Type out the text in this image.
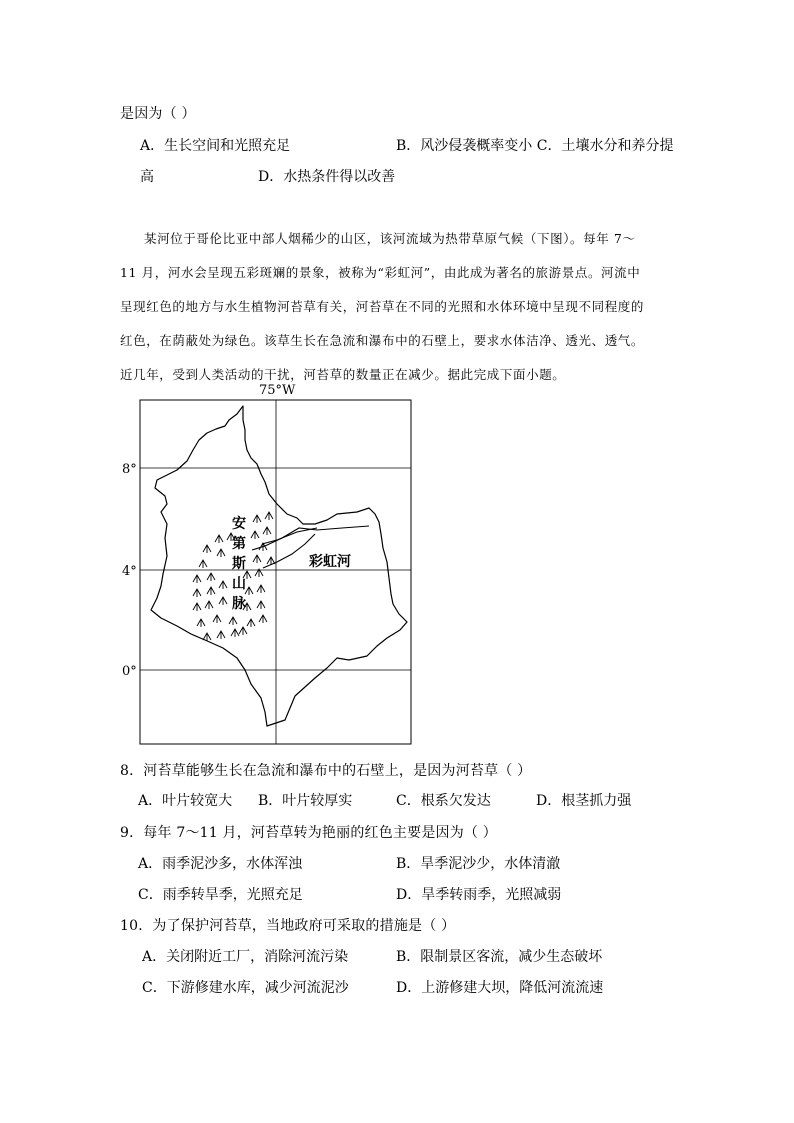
是因为（ ）
A．生长空间和光照充足	B．风沙侵袭概率变小 C．土壤水分和养分提
高	D．水热条件得以改善

某河位于哥伦比亚中部人烟稀少的山区，该河流域为热带草原气候（下图）。每年 7～

11 月，河水会呈现五彩斑斓的景象，被称为“彩虹河”，由此成为著名的旅游景点。河流中

呈现红色的地方与水生植物河苔草有关，河苔草在不同的光照和水体环境中呈现不同程度的

红色，在荫蔽处为绿色。该草生长在急流和瀑布中的石壁上，要求水体洁净、透光、透气。

近几年，受到人类活动的干扰，河苔草的数量正在减少。据此完成下面小题。

75°W
8°
4°
0°
安
第
斯
山
脉
彩虹河
8．河苔草能够生长在急流和瀑布中的石壁上，是因为河苔草（ ）
A．叶片较宽大 B．叶片较厚实	C．根系欠发达	D．根茎抓力强
9．每年 7～11 月，河苔草转为艳丽的红色主要是因为（ ）
A．雨季泥沙多，水体浑浊	B．旱季泥沙少，水体清澈
C．雨季转旱季，光照充足	D．旱季转雨季，光照减弱
10．为了保护河苔草，当地政府可采取的措施是（ ）
A．关闭附近工厂，消除河流污染	B．限制景区客流，减少生态破坏
C．下游修建水库，减少河流泥沙	D．上游修建大坝，降低河流流速
